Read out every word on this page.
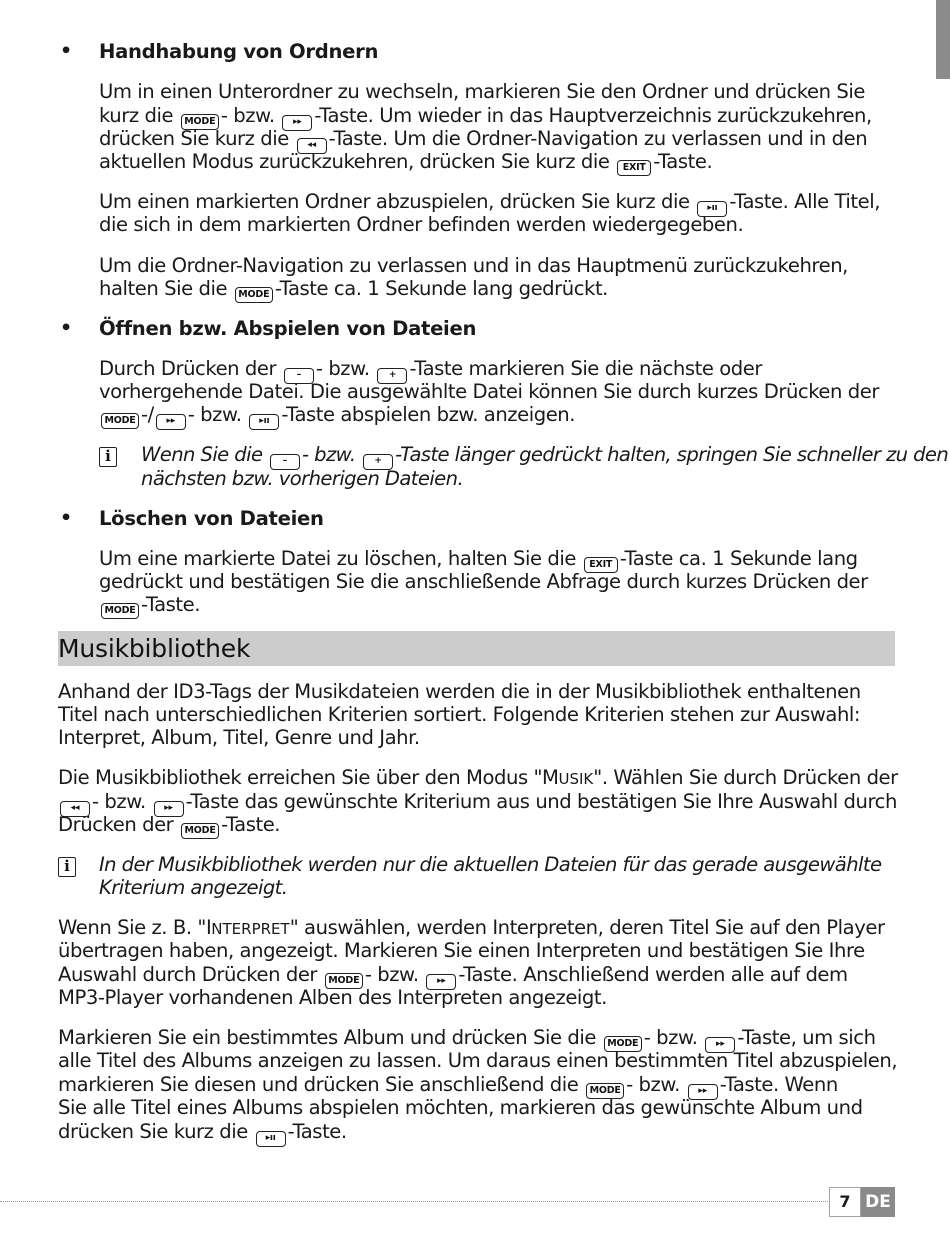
• Handhabung von Ordnern
Um in einen Unterordner zu wechseln, markieren Sie den Ordner und drücken Sie
kurz die MODE - bzw. ▸▸ -Taste. Um wieder in das Hauptverzeichnis zurückzukehren,
drücken Sie kurz die ◂◂ -Taste. Um die Ordner-Navigation zu verlassen und in den
aktuellen Modus zurückzukehren, drücken Sie kurz die EXIT -Taste.
Um einen markierten Ordner abzuspielen, drücken Sie kurz die ▸ıı -Taste. Alle Titel,
die sich in dem markierten Ordner befinden werden wiedergegeben.
Um die Ordner-Navigation zu verlassen und in das Hauptmenü zurückzukehren,
halten Sie die MODE -Taste ca. 1 Sekunde lang gedrückt.
• Öffnen bzw. Abspielen von Dateien
Durch Drücken der – - bzw. + -Taste markieren Sie die nächste oder
vorhergehende Datei. Die ausgewählte Datei können Sie durch kurzes Drücken der
MODE -/ ▸▸ - bzw. ▸ıı -Taste abspielen bzw. anzeigen.
i	Wenn Sie die – - bzw. + -Taste länger gedrückt halten, springen Sie schneller zu den
nächsten bzw. vorherigen Dateien.
• Löschen von Dateien
Um eine markierte Datei zu löschen, halten Sie die EXIT -Taste ca. 1 Sekunde lang
gedrückt und bestätigen Sie die anschließende Abfrage durch kurzes Drücken der
MODE -Taste.
Musikbibliothek
Anhand der ID3-Tags der Musikdateien werden die in der Musikbibliothek enthaltenen
Titel nach unterschiedlichen Kriterien sortiert. Folgende Kriterien stehen zur Auswahl:
Interpret, Album, Titel, Genre und Jahr.
Die Musikbibliothek erreichen Sie über den Modus "MUSIK". Wählen Sie durch Drücken der
◂◂ - bzw. ▸▸ -Taste das gewünschte Kriterium aus und bestätigen Sie Ihre Auswahl durch
Drücken der MODE -Taste.
i	In der Musikbibliothek werden nur die aktuellen Dateien für das gerade ausgewählte
Kriterium angezeigt.
Wenn Sie z. B. "INTERPRET" auswählen, werden Interpreten, deren Titel Sie auf den Player
übertragen haben, angezeigt. Markieren Sie einen Interpreten und bestätigen Sie Ihre
Auswahl durch Drücken der MODE - bzw. ▸▸ -Taste. Anschließend werden alle auf dem
MP3-Player vorhandenen Alben des Interpreten angezeigt.
Markieren Sie ein bestimmtes Album und drücken Sie die MODE - bzw. ▸▸ -Taste, um sich
alle Titel des Albums anzeigen zu lassen. Um daraus einen bestimmten Titel abzuspielen,
markieren Sie diesen und drücken Sie anschließend die MODE - bzw. ▸▸ -Taste. Wenn
Sie alle Titel eines Albums abspielen möchten, markieren das gewünschte Album und
drücken Sie kurz die ▸ıı -Taste.
7 DE
